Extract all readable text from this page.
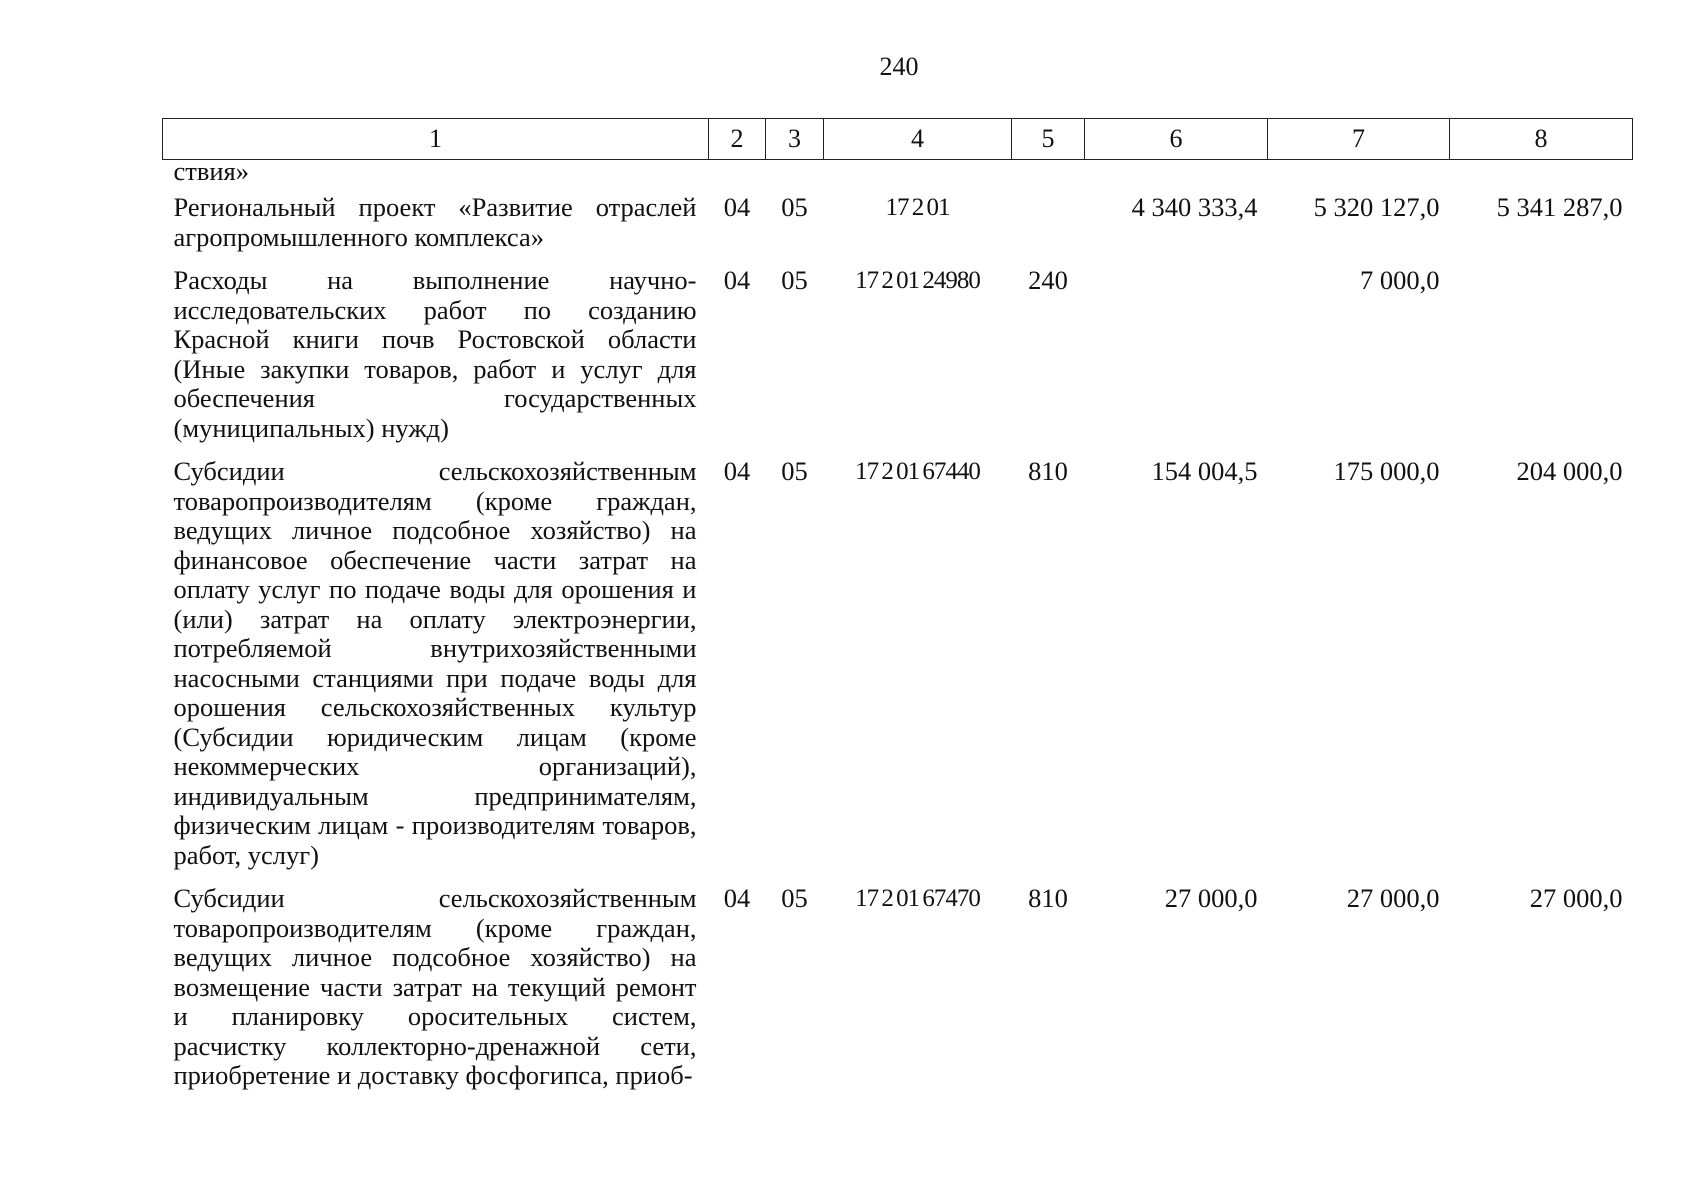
240
1	2	3	4	5	6	7	8
ствия»							
Региональный проект «Развитие отраслей агропромышленного комплекса»	04	05	17 2 01		4 340 333,4	5 320 127,0	5 341 287,0
Расходы на выполнение научно-исследовательских работ по созданию Красной книги почв Ростовской области (Иные закупки товаров, работ и услуг для обеспечения государственных (муниципальных) нужд)	04	05	17 2 01 24980	240		7 000,0	
Субсидии сельскохозяйственным товаропроизводителям (кроме граждан, ведущих личное подсобное хозяйство) на финансовое обеспечение части затрат на оплату услуг по подаче воды для орошения и (или) затрат на оплату электроэнергии, потребляемой внутрихозяйственными насосными станциями при подаче воды для орошения сельскохозяйственных культур (Субсидии юридическим лицам (кроме некоммерческих организаций), индивидуальным предпринимателям, физическим лицам - производителям товаров, работ, услуг)	04	05	17 2 01 67440	810	154 004,5	175 000,0	204 000,0
Субсидии сельскохозяйственным товаропроизводителям (кроме граждан, ведущих личное подсобное хозяйство) на возмещение части затрат на текущий ремонт и планировку оросительных систем, расчистку коллекторно-дренажной сети, приобретение и доставку фосфогипса, приоб-	04	05	17 2 01 67470	810	27 000,0	27 000,0	27 000,0
